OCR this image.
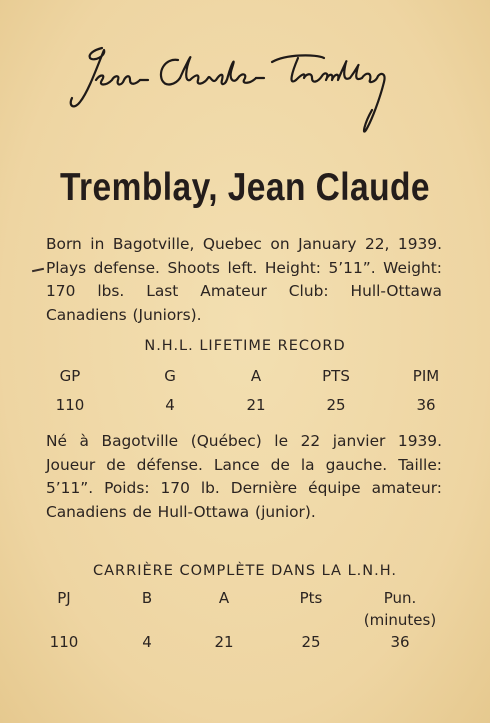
Tremblay, Jean Claude
Born in Bagotville, Quebec on January 22, 1939. Plays defense. Shoots left. Height: 5’11”. Weight: 170 lbs. Last Amateur Club: Hull-Ottawa Canadiens (Juniors).
N.H.L. LIFETIME RECORD
GP	G	A	PTS	PIM
110	4	21	25	36
Né à Bagotville (Québec) le 22 janvier 1939. Joueur de défense. Lance de la gauche. Taille: 5’11”. Poids: 170 lb. Dernière équipe amateur: Canadiens de Hull-Ottawa (junior).
CARRIÈRE COMPLÈTE DANS LA L.N.H.
PJ	B	A	Pts	Pun.
(minutes)
110	4	21	25	36
